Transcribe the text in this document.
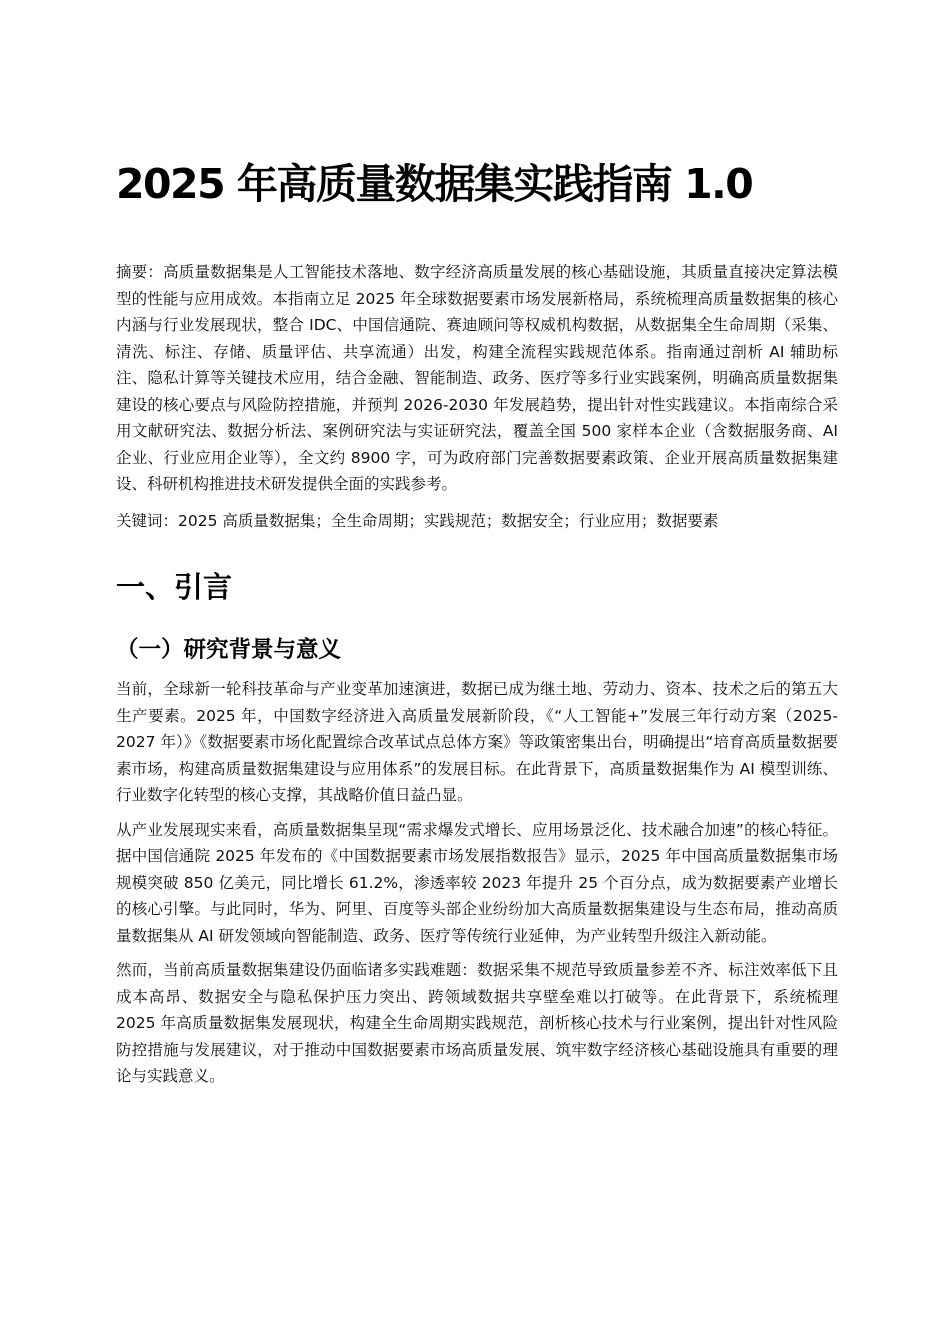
2025 年高质量数据集实践指南 1.0

摘要：高质量数据集是人工智能技术落地、数字经济高质量发展的核心基础设施，其质量直接决定算法模型的性能与应用成效。本指南立足 2025 年全球数据要素市场发展新格局，系统梳理高质量数据集的核心内涵与行业发展现状，整合 IDC、中国信通院、赛迪顾问等权威机构数据，从数据集全生命周期（采集、清洗、标注、存储、质量评估、共享流通）出发，构建全流程实践规范体系。指南通过剖析 AI 辅助标注、隐私计算等关键技术应用，结合金融、智能制造、政务、医疗等多行业实践案例，明确高质量数据集建设的核心要点与风险防控措施，并预判 2026-2030 年发展趋势，提出针对性实践建议。本指南综合采用文献研究法、数据分析法、案例研究法与实证研究法，覆盖全国 500 家样本企业（含数据服务商、AI 企业、行业应用企业等），全文约 8900 字，可为政府部门完善数据要素政策、企业开展高质量数据集建设、科研机构推进技术研发提供全面的实践参考。

关键词：2025 高质量数据集；全生命周期；实践规范；数据安全；行业应用；数据要素

一、引言
（一）研究背景与意义

当前，全球新一轮科技革命与产业变革加速演进，数据已成为继土地、劳动力、资本、技术之后的第五大生产要素。2025 年，中国数字经济进入高质量发展新阶段，《“人工智能+”发展三年行动方案（2025-2027 年）》《数据要素市场化配置综合改革试点总体方案》等政策密集出台，明确提出“培育高质量数据要素市场，构建高质量数据集建设与应用体系”的发展目标。在此背景下，高质量数据集作为 AI 模型训练、行业数字化转型的核心支撑，其战略价值日益凸显。

从产业发展现实来看，高质量数据集呈现“需求爆发式增长、应用场景泛化、技术融合加速”的核心特征。据中国信通院 2025 年发布的《中国数据要素市场发展指数报告》显示，2025 年中国高质量数据集市场规模突破 850 亿美元，同比增长 61.2%，渗透率较 2023 年提升 25 个百分点，成为数据要素产业增长的核心引擎。与此同时，华为、阿里、百度等头部企业纷纷加大高质量数据集建设与生态布局，推动高质量数据集从 AI 研发领域向智能制造、政务、医疗等传统行业延伸，为产业转型升级注入新动能。

然而，当前高质量数据集建设仍面临诸多实践难题：数据采集不规范导致质量参差不齐、标注效率低下且成本高昂、数据安全与隐私保护压力突出、跨领域数据共享壁垒难以打破等。在此背景下，系统梳理 2025 年高质量数据集发展现状，构建全生命周期实践规范，剖析核心技术与行业案例，提出针对性风险防控措施与发展建议，对于推动中国数据要素市场高质量发展、筑牢数字经济核心基础设施具有重要的理论与实践意义。
